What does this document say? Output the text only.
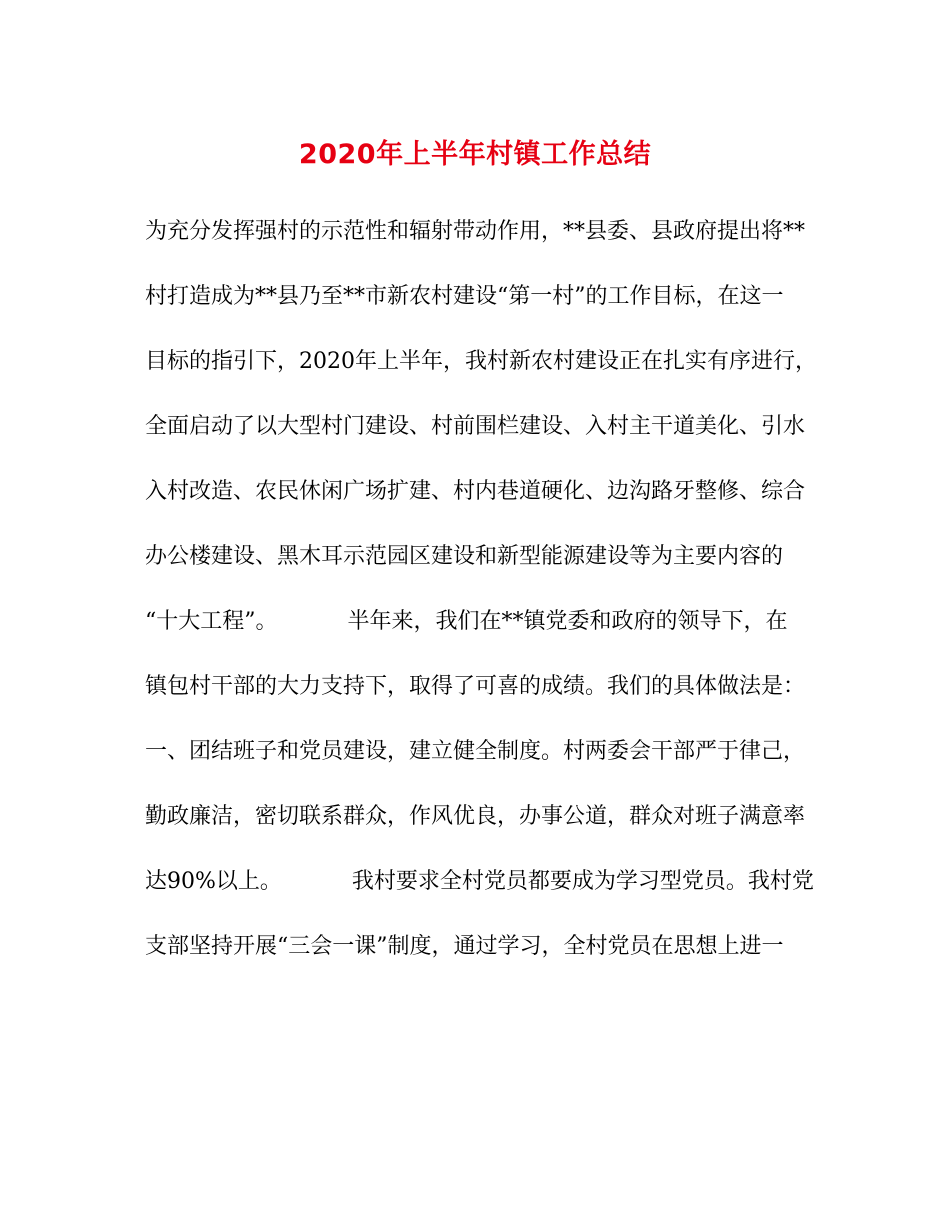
2020年上半年村镇工作总结
为充分发挥强村的示范性和辐射带动作用，**县委、县政府提出将**
村打造成为**县乃至**市新农村建设“第一村”的工作目标，在这一
目标的指引下，2020年上半年，我村新农村建设正在扎实有序进行，
全面启动了以大型村门建设、村前围栏建设、入村主干道美化、引水
入村改造、农民休闲广场扩建、村内巷道硬化、边沟路牙整修、综合
办公楼建设、黑木耳示范园区建设和新型能源建设等为主要内容的
“十大工程”。	半年来，我们在**镇党委和政府的领导下，在
镇包村干部的大力支持下，取得了可喜的成绩。我们的具体做法是：
一、团结班子和党员建设，建立健全制度。村两委会干部严于律己，
勤政廉洁，密切联系群众，作风优良，办事公道，群众对班子满意率
达90%以上。	我村要求全村党员都要成为学习型党员。我村党
支部坚持开展“三会一课”制度，通过学习，全村党员在思想上进一
